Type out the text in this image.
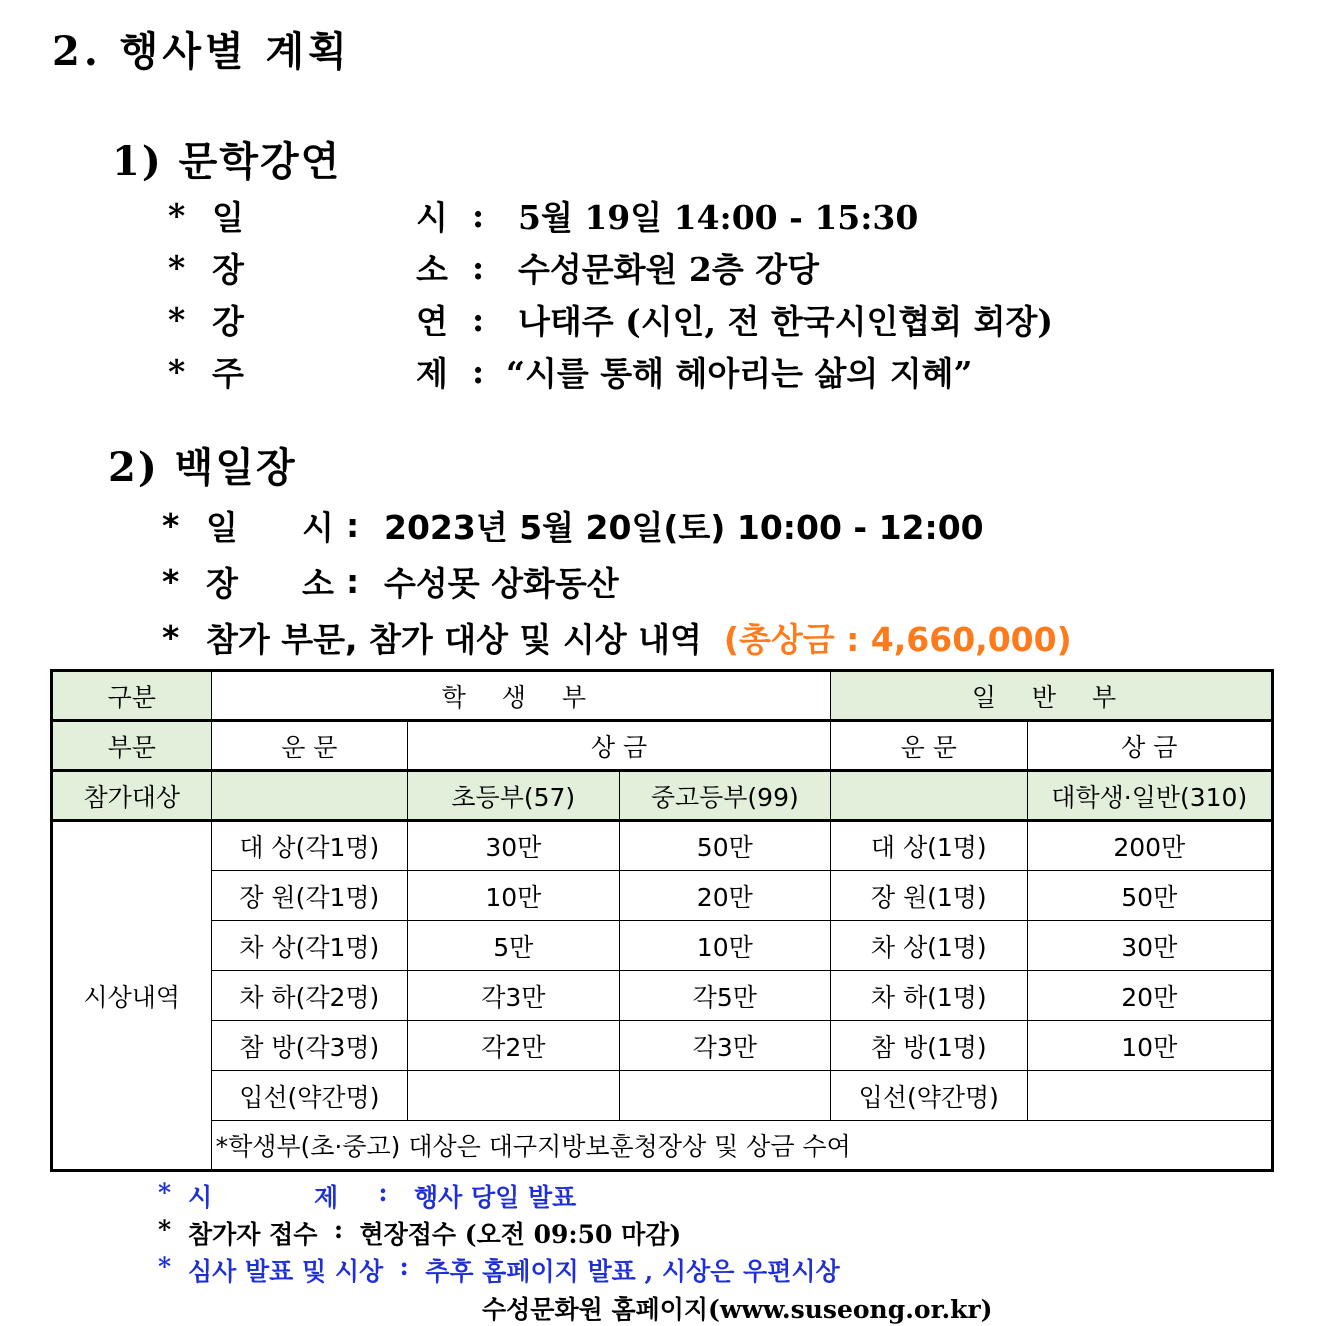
2. 행사별 계획
1) 문학강연
* 일	시 :	5월 19일 14:00 - 15:30
* 장	소 :	수성문화원 2층 강당
* 강	연 :	나태주 (시인, 전 한국시인협회 회장)
* 주	제 : “시를 통해 헤아리는 삶의 지혜”
2) 백일장
* 일	시 : 2023년 5월 20일(토) 10:00 - 12:00
* 장	소 : 수성못 상화동산
* 참가 부문, 참가 대상 및 시상 내역 (총상금 : 4,660,000)
구분	학 생 부			일 반 부	
부문	운 문	상 금		운 문	상 금
참가대상		초등부(57)	중고등부(99)		대학생·일반(310)
시상내역	대 상(각1명)	30만	50만	대 상(1명)	200만
	장 원(각1명)	10만	20만	장 원(1명)	50만
	차 상(각1명)	5만	10만	차 상(1명)	30만
	차 하(각2명)	각3만	각5만	차 하(1명)	20만
	참 방(각3명)	각2만	각3만	참 방(1명)	10만
	입선(약간명)			입선(약간명)	
	*학생부(초·중고) 대상은 대구지방보훈청장상 및 상금 수여				
* 시	제	:	행사 당일 발표
* 참가자 접수 : 현장접수 (오전 09:50 마감)
* 심사 발표 및 시상 : 추후 홈페이지 발표 , 시상은 우편시상
수성문화원 홈페이지(www.suseong.or.kr)
